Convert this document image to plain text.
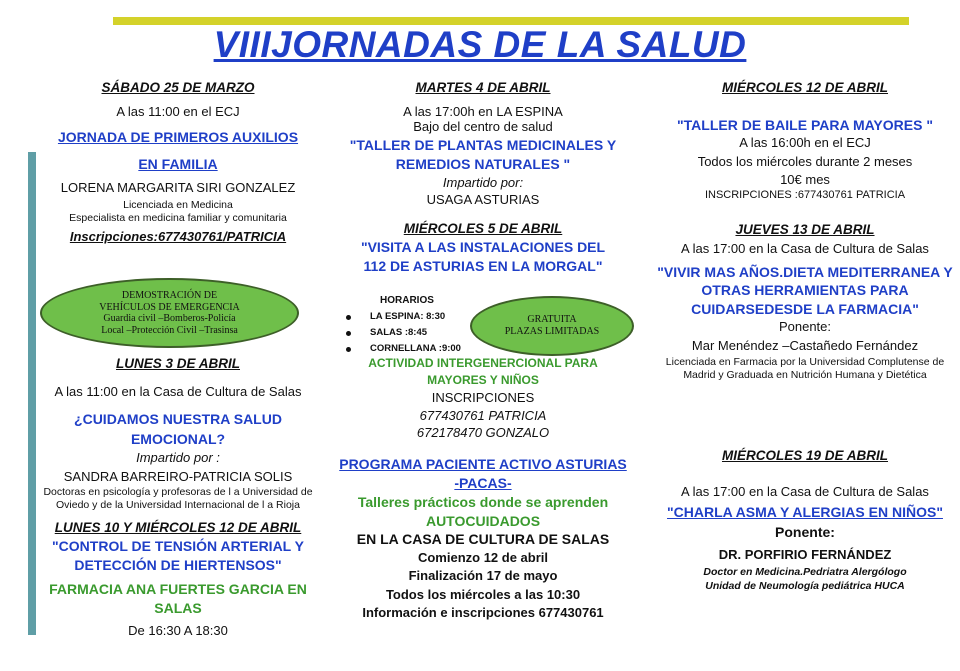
VIIIJORNADAS DE LA SALUD
SÁBADO 25 DE MARZO
A las 11:00 en el ECJ
JORNADA DE PRIMEROS AUXILIOS
EN FAMILIA
LORENA MARGARITA SIRI GONZALEZ
Licenciada en Medicina
Especialista en medicina familiar y comunitaria
Inscripciones:677430761/PATRICIA
DEMOSTRACIÓN DE
VEHÍCULOS DE EMERGENCIA
Guardia civil –Bomberos-Policía
Local –Protección Civil –Trasinsa
LUNES 3 DE ABRIL
A las 11:00 en la Casa de Cultura de Salas
¿CUIDAMOS NUESTRA SALUD
EMOCIONAL?
Impartido por :
SANDRA BARREIRO-PATRICIA SOLIS
Doctoras en psicología y profesoras de l a Universidad de
Oviedo y de la Universidad Internacional de l a Rioja
LUNES 10 Y MIÉRCOLES 12 DE ABRIL
"CONTROL DE TENSIÓN ARTERIAL Y
DETECCIÓN DE HIERTENSOS"
FARMACIA ANA FUERTES GARCIA EN
SALAS
De 16:30 A 18:30
MARTES 4 DE ABRIL
A las 17:00h en LA ESPINA
Bajo del centro de salud
"TALLER DE PLANTAS MEDICINALES Y
REMEDIOS NATURALES "
Impartido por:
USAGA ASTURIAS
MIÉRCOLES 5 DE ABRIL
"VISITA A LAS INSTALACIONES DEL
112 DE ASTURIAS EN LA MORGAL"
HORARIOS
LA ESPINA: 8:30
SALAS :8:45
CORNELLANA :9:00
GRATUITA
PLAZAS LIMITADAS
ACTIVIDAD INTERGENERCIONAL PARA
MAYORES Y NIÑOS
INSCRIPCIONES
677430761 PATRICIA
672178470 GONZALO
PROGRAMA PACIENTE ACTIVO ASTURIAS
-PACAS-
Talleres prácticos donde se aprenden
AUTOCUIDADOS
EN LA CASA DE CULTURA DE SALAS
Comienzo 12 de abril
Finalización 17 de mayo
Todos los miércoles a las 10:30
Información e inscripciones 677430761
MIÉRCOLES 12 DE ABRIL
"TALLER DE BAILE PARA MAYORES "
A las 16:00h en el ECJ
Todos los miércoles durante 2 meses
10€ mes
INSCRIPCIONES :677430761 PATRICIA
JUEVES 13 DE ABRIL
A las 17:00 en la Casa de Cultura de Salas
"VIVIR MAS AÑOS.DIETA MEDITERRANEA Y
OTRAS HERRAMIENTAS PARA
CUIDARSEDESDE LA FARMACIA"
Ponente:
Mar Menéndez –Castañedo Fernández
Licenciada en Farmacia por la Universidad Complutense de
Madrid y Graduada en Nutrición Humana y Dietética
MIÉRCOLES 19 DE ABRIL
A las 17:00 en la Casa de Cultura de Salas
"CHARLA ASMA Y ALERGIAS EN NIÑOS"
Ponente:
DR. PORFIRIO FERNÁNDEZ
Doctor en Medicina.Pedriatra Alergólogo
Unidad de Neumología pediátrica HUCA
